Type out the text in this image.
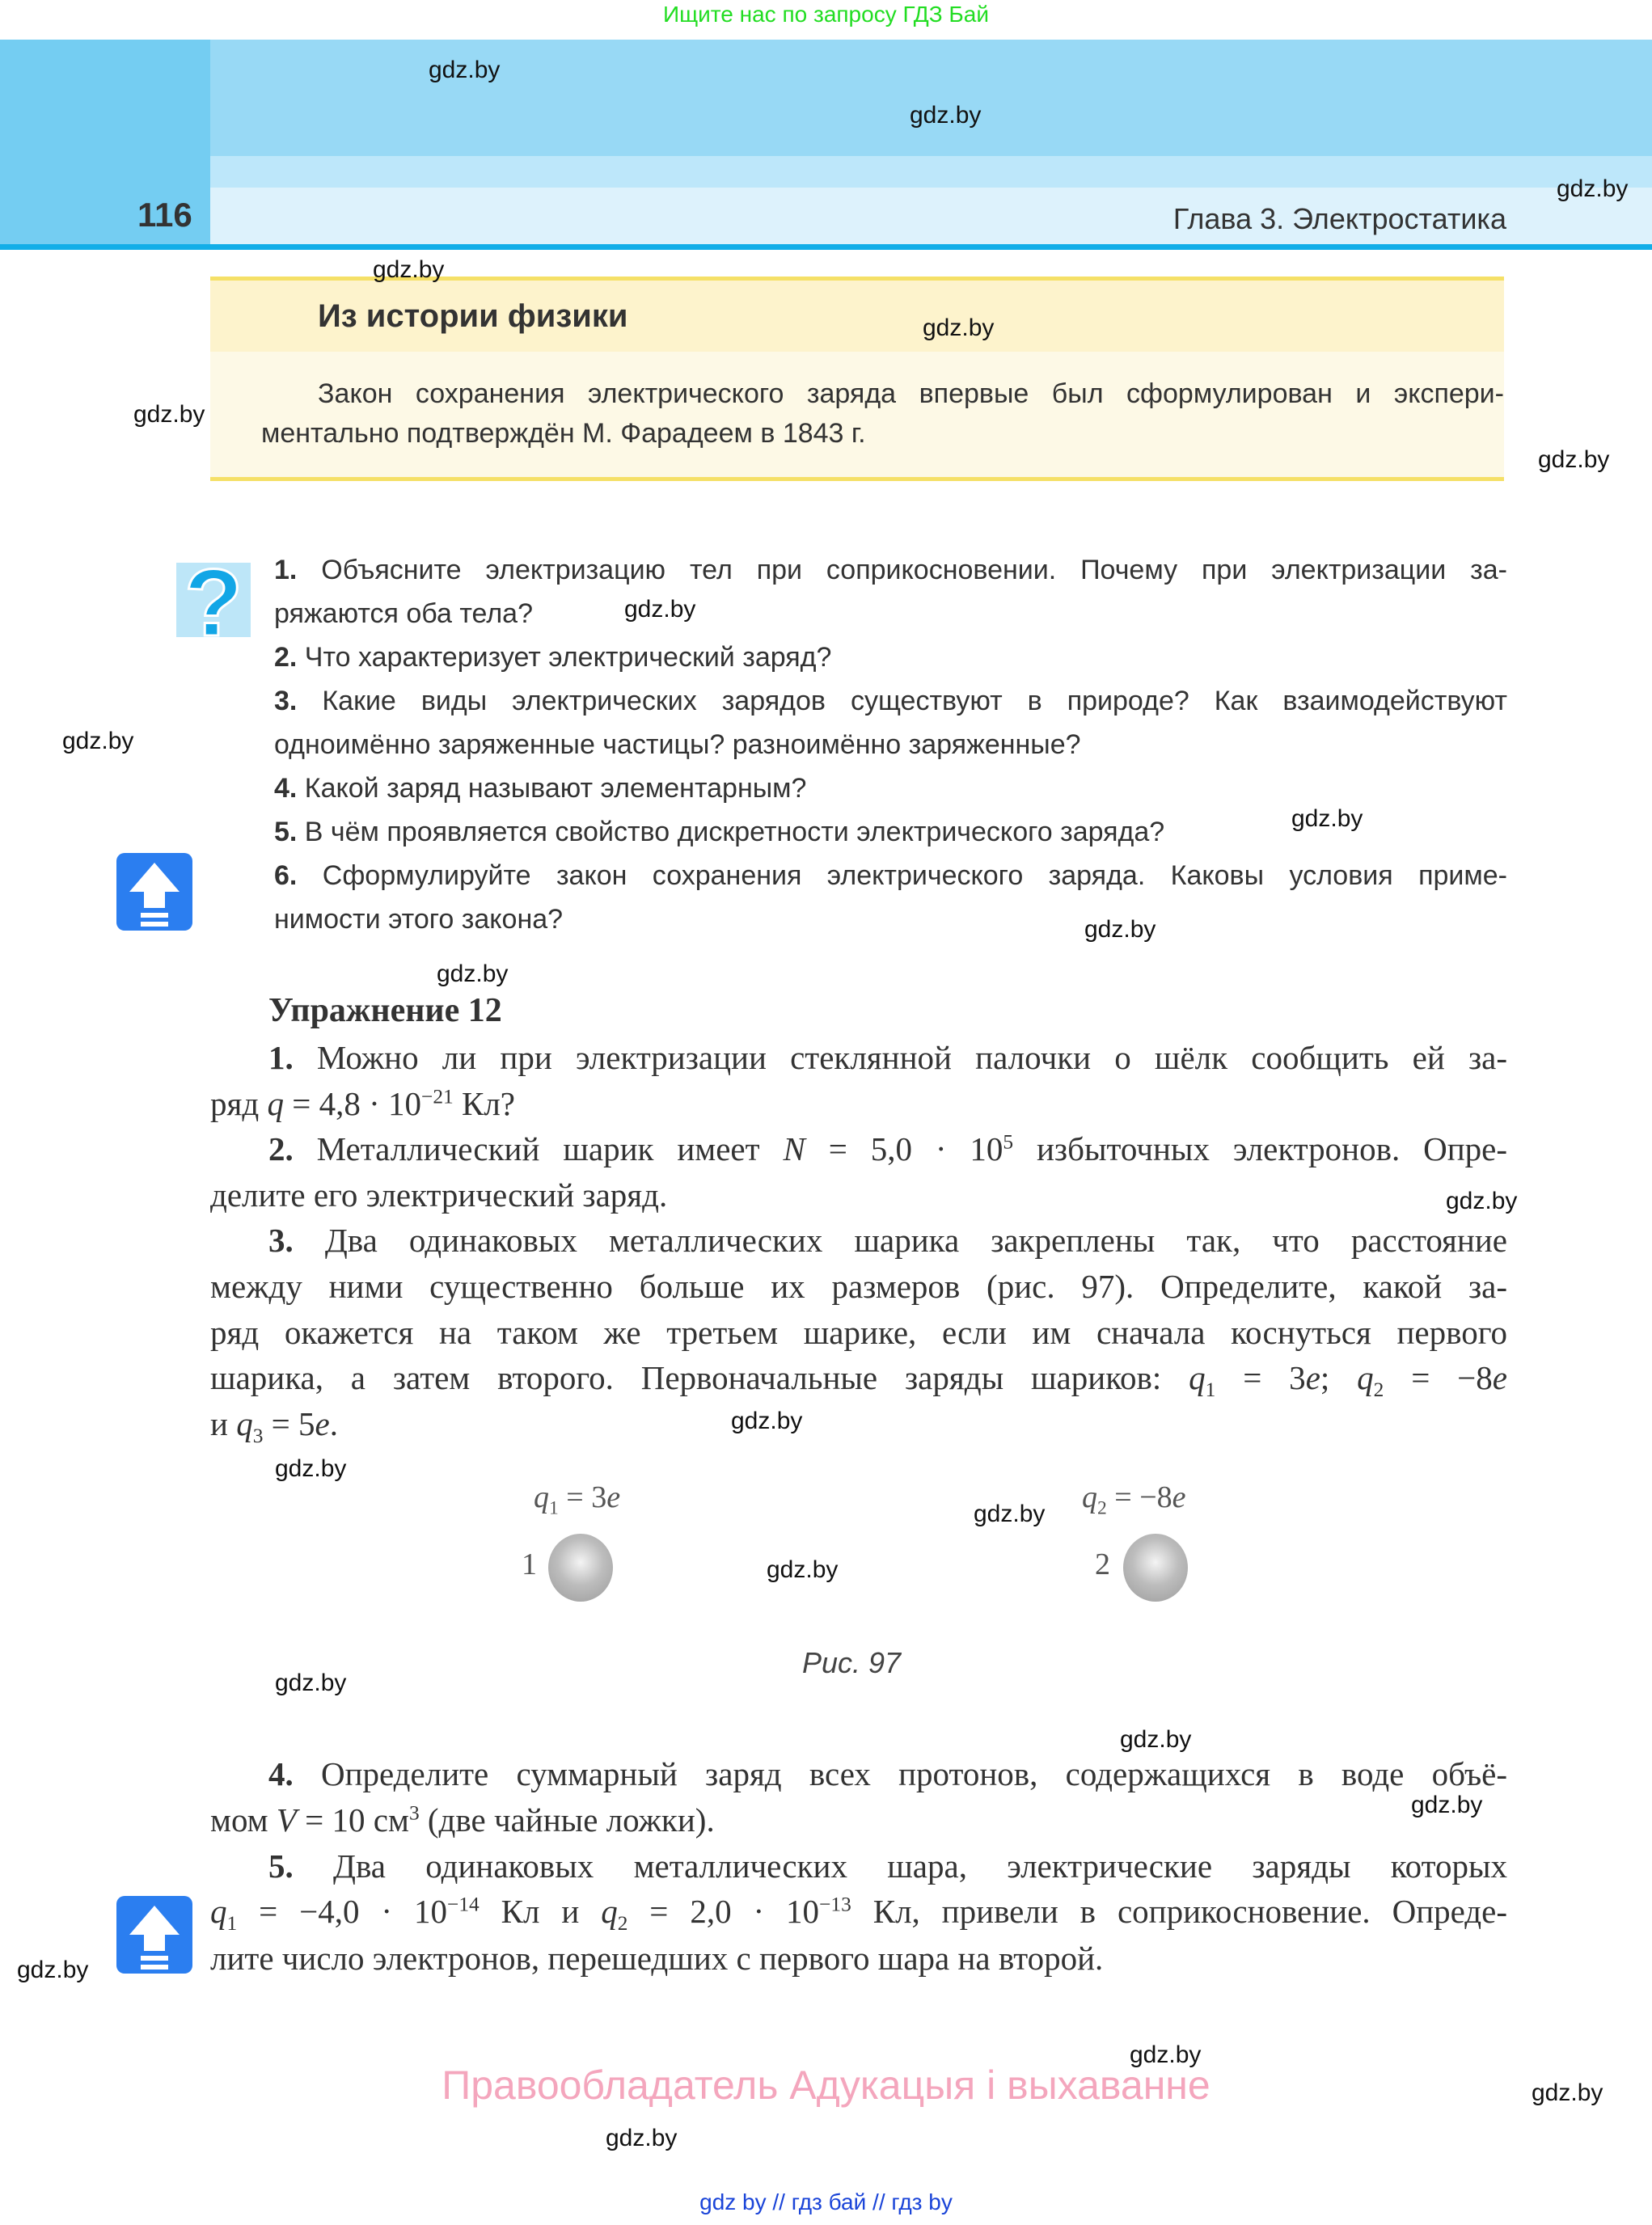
Ищите нас по запросу ГДЗ Бай
116	Глава 3. Электростатика
Из истории физики
Закон сохранения электрического заряда впервые был сформулирован и экспери-
ментально подтверждён М. Фарадеем в 1843 г.
? 1. Объясните электризацию тел при соприкосновении. Почему при электризации за-
ряжаются оба тела?
2. Что характеризует электрический заряд?
3. Какие виды электрических зарядов существуют в природе? Как взаимодействуют
одноимённо заряженные частицы? разноимённо заряженные?
4. Какой заряд называют элементарным?
5. В чём проявляется свойство дискретности электрического заряда?
6. Сформулируйте закон сохранения электрического заряда. Каковы условия приме-
нимости этого закона?
Упражнение 12
1. Можно ли при электризации стеклянной палочки о шёлк сообщить ей за-
ряд $q = 4,8 \cdot 10^{-21}$ Кл?
2. Металлический шарик имеет $N = 5,0 \cdot 10^5$ избыточных электронов. Опре-
делите его электрический заряд.
3. Два одинаковых металлических шарика закреплены так, что расстояние
между ними существенно больше их размеров (рис. 97). Определите, какой за-
ряд окажется на таком же третьем шарике, если им сначала коснуться первого
шарика, а затем второго. Первоначальные заряды шариков: $q_1 = 3e$; $q_2 = -8e$
и $q_3 = 5e$.
4. Определите суммарный заряд всех протонов, содержащихся в воде объё-
мом V = 10 $см^3$ (две чайные ложки).
5. Два одинаковых металлических шара, электрические заряды которых
$q_1 = -4,0 \cdot 10^{-14}$ Кл и $q_2 = 2,0 \cdot 10^{-13}$ Кл, привели в соприкосновение. Опреде-
лите число электронов, перешедших с первого шара на второй.
$q_1 = 3e$
1
$q_2 = -8e$
2
Рис. 97
Правообладатель Адукацыя і выхаванне
gdz by // гдз бай // гдз by
gdz.by
gdz.by
gdz.by
gdz.by
gdz.by
gdz.by
gdz.by
gdz.by
gdz.by
gdz.by
gdz.by
gdz.by
gdz.by
gdz.by
gdz.by
gdz.by
gdz.by
gdz.by
gdz.by
gdz.by
gdz.by
gdz.by
gdz.by
gdz.by
